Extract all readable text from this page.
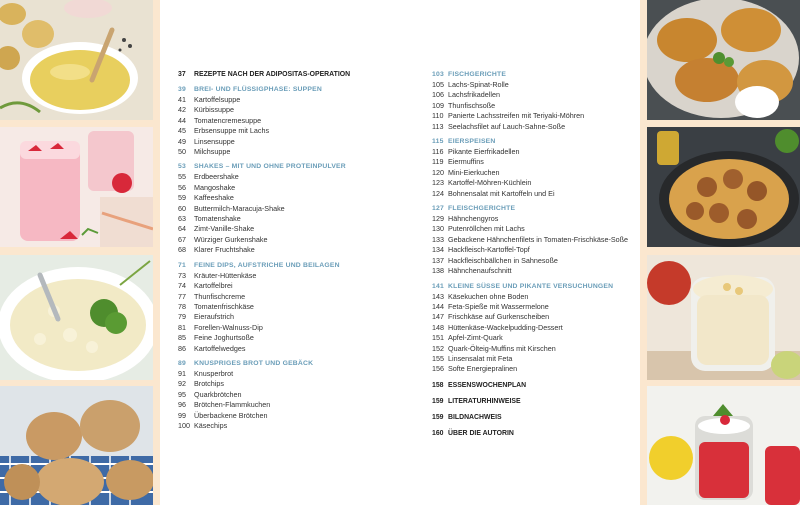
37	REZEPTE NACH DER ADIPOSITAS-OPERATION
39	BREI- UND FLÜSSIGPHASE: SUPPEN
41	Kartoffelsuppe
42	Kürbissuppe
44	Tomatencremesuppe
45	Erbsensuppe mit Lachs
49	Linsensuppe
50	Milchsuppe
53	SHAKES – MIT UND OHNE PROTEINPULVER
55	Erdbeershake
56	Mangoshake
59	Kaffeeshake
60	Buttermilch-Maracuja-Shake
63	Tomatenshake
64	Zimt-Vanille-Shake
67	Würziger Gurkenshake
68	Klarer Fruchtshake
71	FEINE DIPS, AUFSTRICHE UND BEILAGEN
73	Kräuter-Hüttenkäse
74	Kartoffelbrei
77	Thunfischcreme
78	Tomatenfrischkäse
79	Eieraufstrich
81	Forellen-Walnuss-Dip
85	Feine Joghurtsoße
86	Kartoffelwedges
89	KNUSPRIGES BROT UND GEBÄCK
91	Knusperbrot
92	Brotchips
95	Quarkbrötchen
96	Brötchen-Flammkuchen
99	Überbackene Brötchen
100 Käsechips
103 FISCHGERICHTE
105 Lachs-Spinat-Rolle
106 Lachsfrikadellen
109 Thunfischsoße
110 Panierte Lachsstreifen mit Teriyaki-Möhren
113 Seelachsfilet auf Lauch-Sahne-Soße
115 EIERSPEISEN
116 Pikante Eierfrikadellen
119 Eiermuffins
120 Mini-Eierkuchen
123 Kartoffel-Möhren-Küchlein
124 Bohnensalat mit Kartoffeln und Ei
127 FLEISCHGERICHTE
129 Hähnchengyros
130 Putenröllchen mit Lachs
133 Gebackene Hähnchenfilets in Tomaten-Frischkäse-Soße
134 Hackfleisch-Kartoffel-Topf
137 Hackfleischbällchen in Sahnesoße
138 Hähnchenaufschnitt
141 KLEINE SÜSSE UND PIKANTE VERSUCHUNGEN
143 Käsekuchen ohne Boden
144 Feta-Spieße mit Wassermelone
147 Frischkäse auf Gurkenscheiben
148 Hüttenkäse-Wackelpudding-Dessert
151 Apfel-Zimt-Quark
152 Quark-Ölteig-Muffins mit Kirschen
155 Linsensalat mit Feta
156 Softe Energiepralinen
158 ESSENSWOCHENPLAN
159 LITERATURHINWEISE
159 BILDNACHWEIS
160 ÜBER DIE AUTORIN
